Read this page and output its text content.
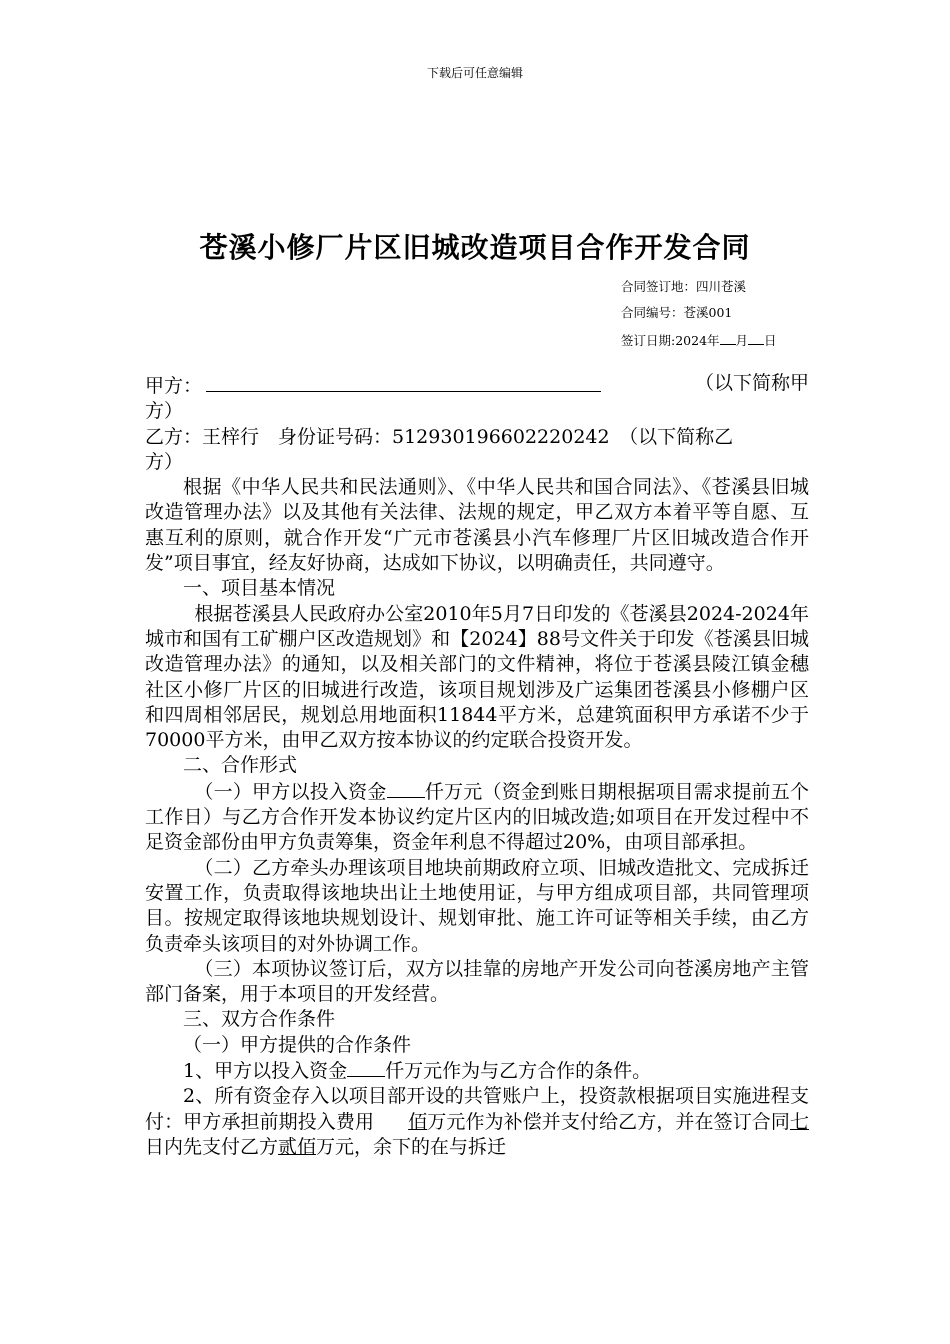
下载后可任意编辑
苍溪小修厂片区旧城改造项目合作开发合同
合同签订地：四川苍溪
合同编号：苍溪001
签订日期:2024年 月 日

甲方：	（以下简称甲

方）

乙方：王梓行　身份证号码：512930196602220242　（以下简称乙

方）

根据《中华人民共和民法通则》、《中华人民共和国合同法》、《苍溪县旧城改造管理办法》以及其他有关法律、法规的规定，甲乙双方本着平等自愿、互惠互利的原则，就合作开发“广元市苍溪县小汽车修理厂片区旧城改造合作开发”项目事宜，经友好协商，达成如下协议，以明确责任，共同遵守。

一、项目基本情况

根据苍溪县人民政府办公室2010年5月7日印发的《苍溪县2024-2024年城市和国有工矿棚户区改造规划》和【2024】88号文件关于印发《苍溪县旧城改造管理办法》的通知，以及相关部门的文件精神，将位于苍溪县陵江镇金穗社区小修厂片区的旧城进行改造，该项目规划涉及广运集团苍溪县小修棚户区和四周相邻居民，规划总用地面积11844平方米，总建筑面积甲方承诺不少于70000平方米，由甲乙双方按本协议的约定联合投资开发。

二、合作形式

（一）甲方以投入资金 仟万元（资金到账日期根据项目需求提前五个工作日）与乙方合作开发本协议约定片区内的旧城改造;如项目在开发过程中不足资金部份由甲方负责筹集，资金年利息不得超过20%，由项目部承担。

（二）乙方牵头办理该项目地块前期政府立项、旧城改造批文、完成拆迁安置工作，负责取得该地块出让土地使用证，与甲方组成项目部，共同管理项目。按规定取得该地块规划设计、规划审批、施工许可证等相关手续，由乙方负责牵头该项目的对外协调工作。

（三）本项协议签订后，双方以挂靠的房地产开发公司向苍溪房地产主管部门备案，用于本项目的开发经营。

三、双方合作条件

（一）甲方提供的合作条件

1、甲方以投入资金 仟万元作为与乙方合作的条件。

2、所有资金存入以项目部开设的共管账户上，投资款根据项目实施进程支付：甲方承担前期投入费用 佰万元作为补偿并支付给乙方，并在签订合同七日内先支付乙方贰佰万元，余下的在与拆迁
